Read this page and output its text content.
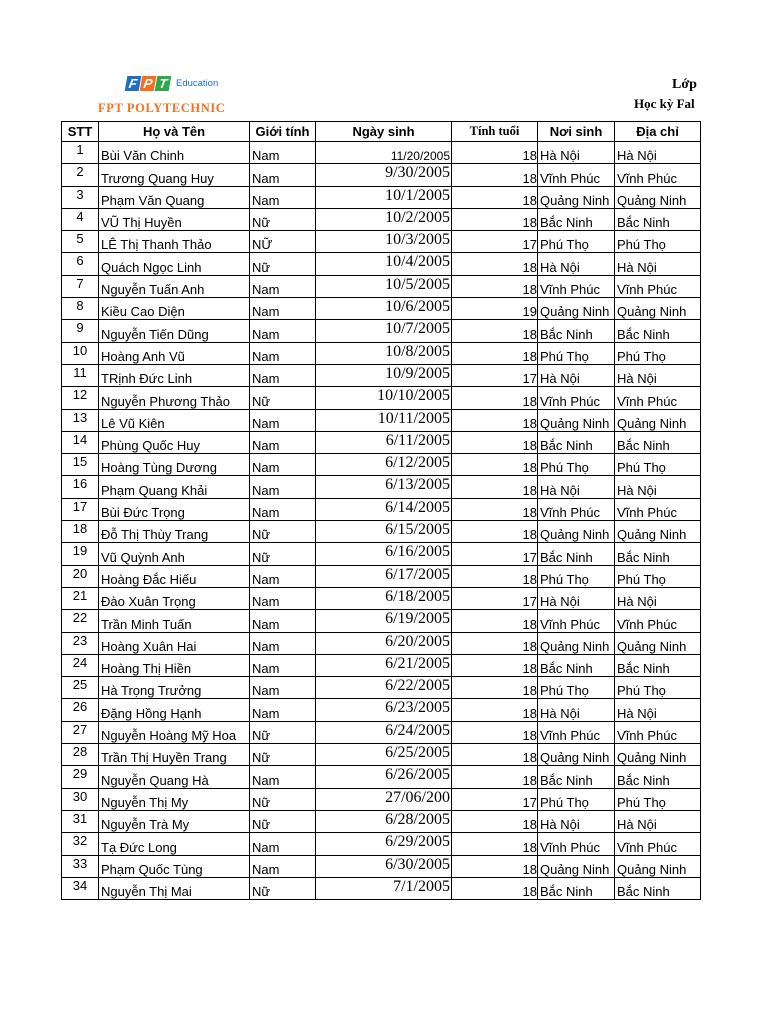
F P T Education
FPT POLYTECHNIC
Lớp
Học kỳ Fal
STT	Họ và Tên	Giới tính	Ngày sinh	Tính tuổi	Nơi sinh	Địa chỉ
1	Bùi Văn Chinh	Nam	11/20/2005	18	Hà Nội	Hà Nội
2	Trương Quang Huy	Nam	9/30/2005	18	Vĩnh Phúc	Vĩnh Phúc
3	Phạm Văn Quang	Nam	10/1/2005	18	Quảng Ninh	Quảng Ninh
4	VŨ Thị Huyền	Nữ	10/2/2005	18	Bắc Ninh	Bắc Ninh
5	LÊ Thị Thanh Thảo	NỮ	10/3/2005	17	Phú Thọ	Phú Thọ
6	Quách Ngọc Linh	Nữ	10/4/2005	18	Hà Nội	Hà Nội
7	Nguyễn Tuấn Anh	Nam	10/5/2005	18	Vĩnh Phúc	Vĩnh Phúc
8	Kiều Cao Diện	Nam	10/6/2005	19	Quảng Ninh	Quảng Ninh
9	Nguyễn Tiến Dũng	Nam	10/7/2005	18	Bắc Ninh	Bắc Ninh
10	Hoàng Anh Vũ	Nam	10/8/2005	18	Phú Thọ	Phú Thọ
11	TRịnh Đức Linh	Nam	10/9/2005	17	Hà Nội	Hà Nội
12	Nguyễn Phương Thảo	Nữ	10/10/2005	18	Vĩnh Phúc	Vĩnh Phúc
13	Lê Vũ Kiên	Nam	10/11/2005	18	Quảng Ninh	Quảng Ninh
14	Phùng Quốc Huy	Nam	6/11/2005	18	Bắc Ninh	Bắc Ninh
15	Hoàng Tùng Dương	Nam	6/12/2005	18	Phú Thọ	Phú Thọ
16	Phạm Quang Khải	Nam	6/13/2005	18	Hà Nội	Hà Nội
17	Bùi Đức Trọng	Nam	6/14/2005	18	Vĩnh Phúc	Vĩnh Phúc
18	Đỗ Thị Thùy Trang	Nữ	6/15/2005	18	Quảng Ninh	Quảng Ninh
19	Vũ Quỳnh Anh	Nữ	6/16/2005	17	Bắc Ninh	Bắc Ninh
20	Hoàng Đắc Hiếu	Nam	6/17/2005	18	Phú Thọ	Phú Thọ
21	Đào Xuân Trọng	Nam	6/18/2005	17	Hà Nội	Hà Nội
22	Trần Minh Tuấn	Nam	6/19/2005	18	Vĩnh Phúc	Vĩnh Phúc
23	Hoàng Xuân Hai	Nam	6/20/2005	18	Quảng Ninh	Quảng Ninh
24	Hoàng Thị Hiền	Nam	6/21/2005	18	Bắc Ninh	Bắc Ninh
25	Hà Trọng Trưởng	Nam	6/22/2005	18	Phú Thọ	Phú Thọ
26	Đặng Hồng Hạnh	Nam	6/23/2005	18	Hà Nội	Hà Nội
27	Nguyễn Hoàng Mỹ Hoa	Nữ	6/24/2005	18	Vĩnh Phúc	Vĩnh Phúc
28	Trần Thị Huyền Trang	Nữ	6/25/2005	18	Quảng Ninh	Quảng Ninh
29	Nguyễn Quang Hà	Nam	6/26/2005	18	Bắc Ninh	Bắc Ninh
30	Nguyễn Thị My	Nữ	27/06/200	17	Phú Thọ	Phú Thọ
31	Nguyễn Trà My	Nữ	6/28/2005	18	Hà Nội	Hà Nội
32	Tạ Đức Long	Nam	6/29/2005	18	Vĩnh Phúc	Vĩnh Phúc
33	Phạm Quốc Tùng	Nam	6/30/2005	18	Quảng Ninh	Quảng Ninh
34	Nguyễn Thị Mai	Nữ	7/1/2005	18	Bắc Ninh	Bắc Ninh
